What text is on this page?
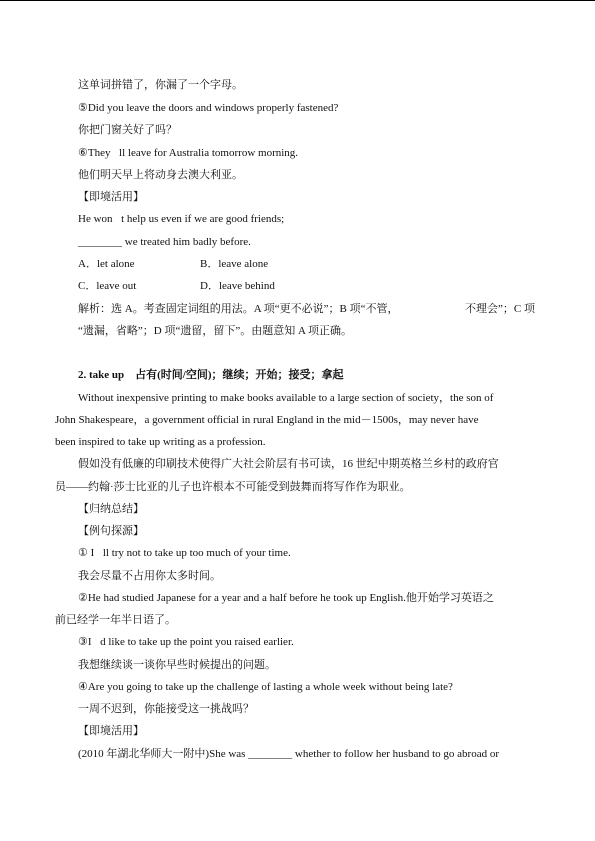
这单词拼错了，你漏了一个字母。
⑤Did you leave the doors and windows properly fastened?
你把门窗关好了吗？
⑥They ll leave for Australia tomorrow morning.
他们明天早上将动身去澳大利亚。
【即境活用】
He won t help us even if we are good friends;
________ we treated him badly before.
A．let alone	B．leave alone
C．leave out	D．leave behind
解析：选 A。考查固定词组的用法。A 项“更不必说”；B 项“不管，	不理会”；C 项
“遗漏，省略”；D 项“遗留，留下”。由题意知 A 项正确。
2. take up　占有(时间/空间)；继续；开始；接受；拿起
Without inexpensive printing to make books available to a large section of society，the son of
John Shakespeare，a government official in rural England in the mid－1500s，may never have
been inspired to take up writing as a profession.
假如没有低廉的印刷技术使得广大社会阶层有书可读，16 世纪中期英格兰乡村的政府官
员——约翰·莎士比亚的儿子也许根本不可能受到鼓舞而将写作作为职业。
【归纳总结】
【例句探源】
① I ll try not to take up too much of your time.
我会尽量不占用你太多时间。
②He had studied Japanese for a year and a half before he took up English.他开始学习英语之
前已经学一年半日语了。
③I d like to take up the point you raised earlier.
我想继续谈一谈你早些时候提出的问题。
④Are you going to take up the challenge of lasting a whole week without being late?
一周不迟到，你能接受这一挑战吗？
【即境活用】
(2010 年湖北华师大一附中)She was ________ whether to follow her husband to go abroad or
